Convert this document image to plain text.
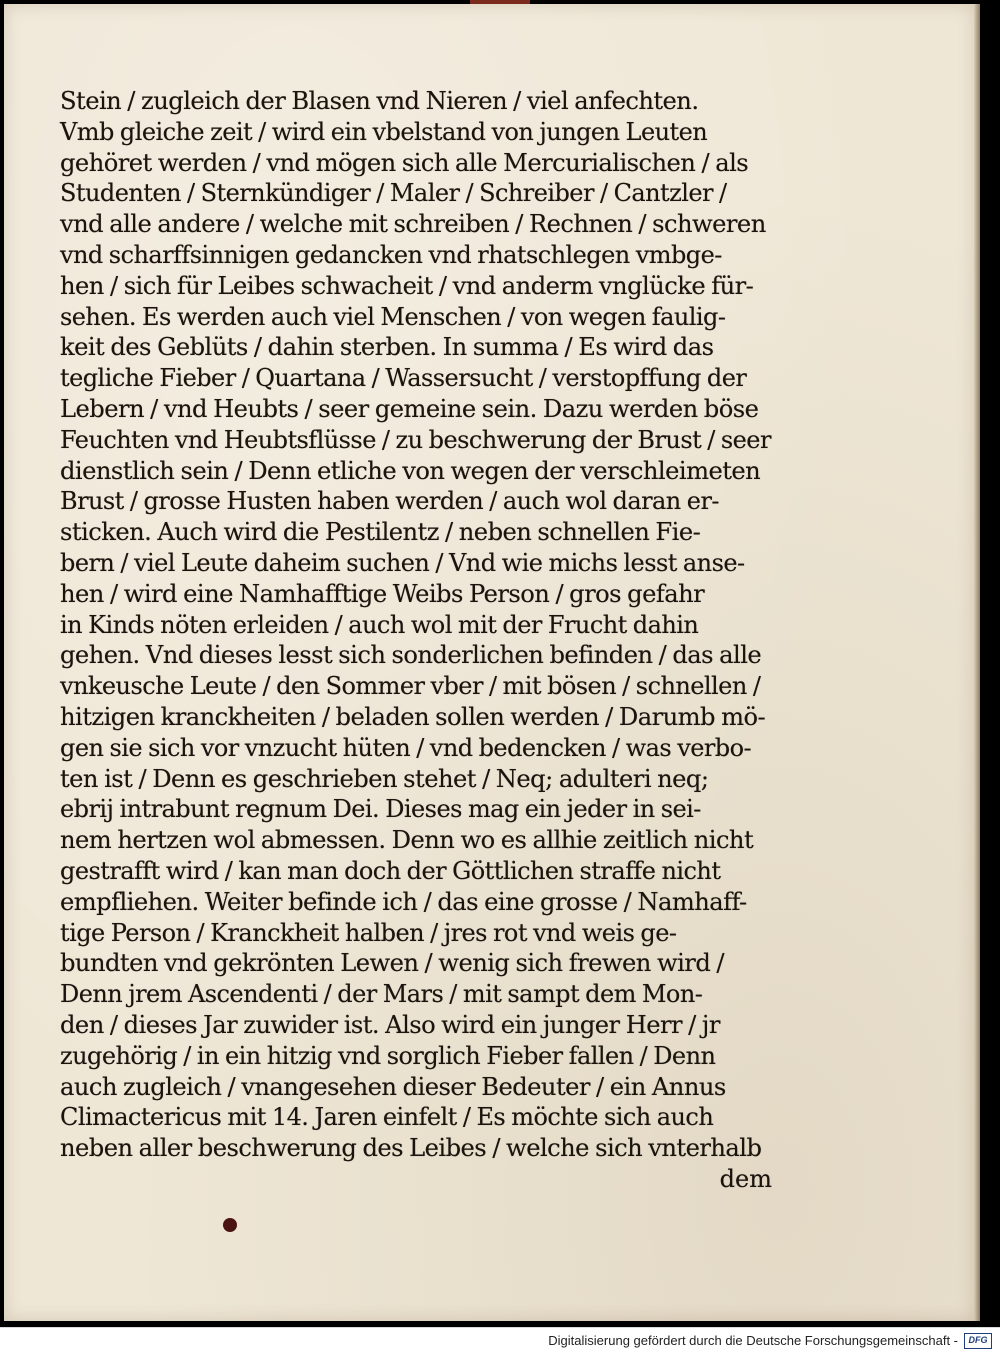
Stein / zugleich der Blasen vnd Nieren / viel anfechten.
Vmb gleiche zeit / wird ein vbelstand von jungen Leuten
gehöret werden / vnd mögen sich alle Mercurialischen / als
Studenten / Sternkündiger / Maler / Schreiber / Cantzler /
vnd alle andere / welche mit schreiben / Rechnen / schweren
vnd scharffsinnigen gedancken vnd rhatschlegen vmbge-
hen / sich für Leibes schwacheit / vnd anderm vnglücke für-
sehen. Es werden auch viel Menschen / von wegen faulig-
keit des Geblüts / dahin sterben. In summa / Es wird das
tegliche Fieber / Quartana / Wassersucht / verstopffung der
Lebern / vnd Heubts / seer gemeine sein. Dazu werden böse
Feuchten vnd Heubtsflüsse / zu beschwerung der Brust / seer
dienstlich sein / Denn etliche von wegen der verschleimeten
Brust / grosse Husten haben werden / auch wol daran er-
sticken. Auch wird die Pestilentz / neben schnellen Fie-
bern / viel Leute daheim suchen / Vnd wie michs lesst anse-
hen / wird eine Namhafftige Weibs Person / gros gefahr
in Kinds nöten erleiden / auch wol mit der Frucht dahin
gehen. Vnd dieses lesst sich sonderlichen befinden / das alle
vnkeusche Leute / den Sommer vber / mit bösen / schnellen /
hitzigen kranckheiten / beladen sollen werden / Darumb mö-
gen sie sich vor vnzucht hüten / vnd bedencken / was verbo-
ten ist / Denn es geschrieben stehet / Neq; adulteri neq;
ebrij intrabunt regnum Dei. Dieses mag ein jeder in sei-
nem hertzen wol abmessen. Denn wo es allhie zeitlich nicht
gestrafft wird / kan man doch der Göttlichen straffe nicht
empfliehen. Weiter befinde ich / das eine grosse / Namhaff-
tige Person / Kranckheit halben / jres rot vnd weis ge-
bundten vnd gekrönten Lewen / wenig sich frewen wird /
Denn jrem Ascendenti / der Mars / mit sampt dem Mon-
den / dieses Jar zuwider ist. Also wird ein junger Herr / jr
zugehörig / in ein hitzig vnd sorglich Fieber fallen / Denn
auch zugleich / vnangesehen dieser Bedeuter / ein Annus
Climactericus mit 14. Jaren einfelt / Es möchte sich auch
neben aller beschwerung des Leibes / welche sich vnterhalb
dem
Digitalisierung gefördert durch die Deutsche Forschungsgemeinschaft -	DFG
